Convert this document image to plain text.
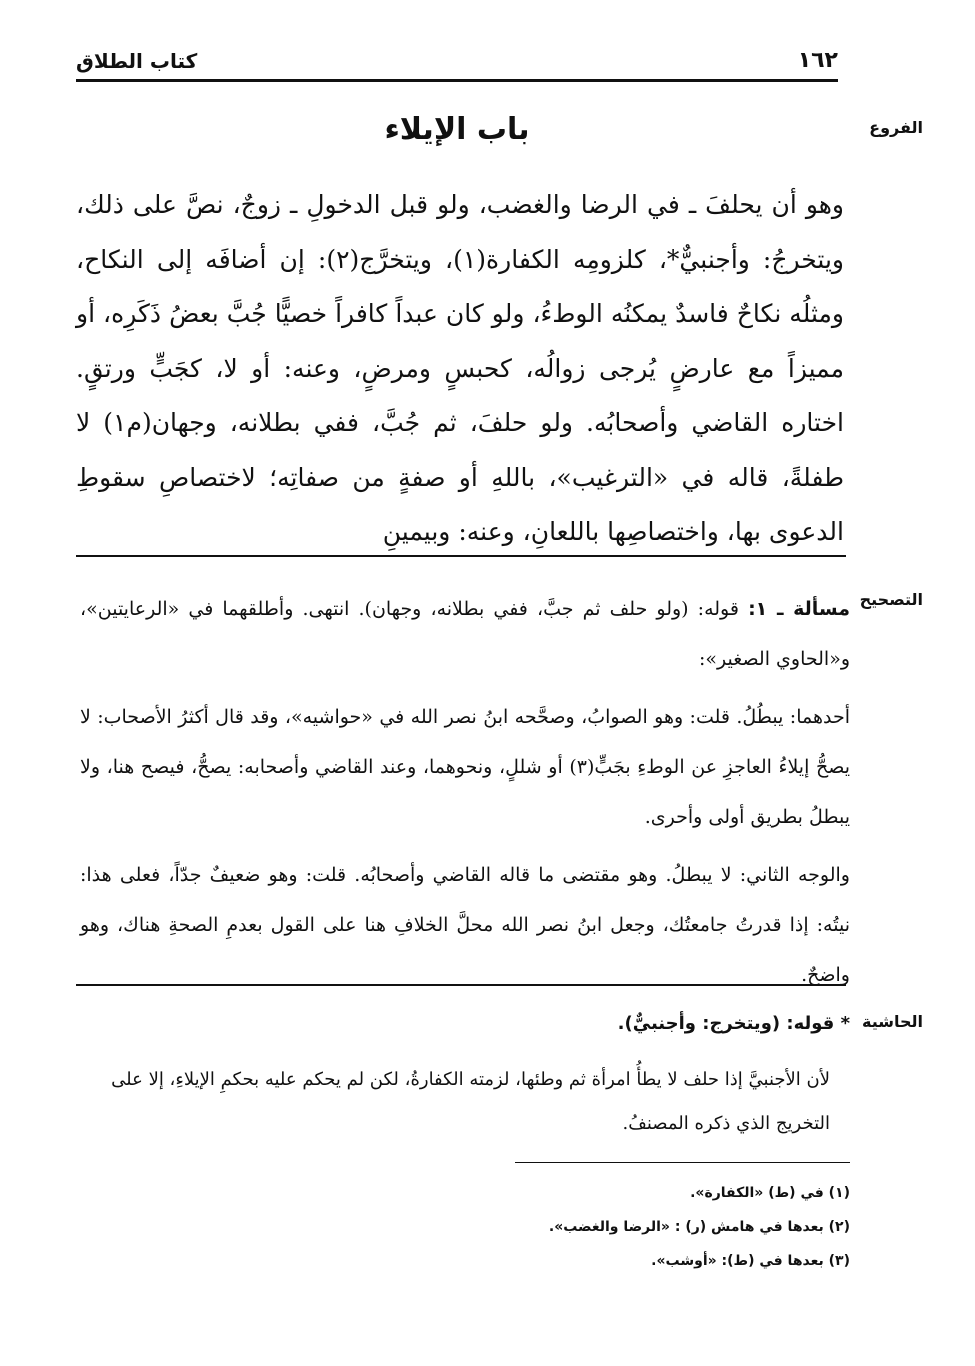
١٦٢
كتاب الطلاق
الفروع
باب الإيلاء

وهو أن يحلفَ ـ في الرضا والغضب، ولو قبل الدخولِ ـ زوجٌ، نصَّ على ذلك، ويتخرجُ: وأجنبيٌّ*، كلزومِه الكفارة(١)، ويتخرَّج(٢): إن أضافَه إلى النكاح، ومثلُه نكاحٌ فاسدٌ يمكنُه الوطءُ، ولو كان عبداً كافراً خصيًّا جُبَّ بعضُ ذَكَرِه، أو مميزاً مع عارضٍ يُرجى زوالُه، كحبسٍ ومرضٍ، وعنه: أو لا، كجَبٍّ ورتقٍ. اختاره القاضي وأصحابُه. ولو حلفَ، ثم جُبَّ، ففي بطلانه، وجهان(م١) لا طفلةً، قاله في «الترغيب»، باللهِ أو صفةٍ من صفاتِه؛ لاختصاصِ سقوطِ الدعوى بها، واختصاصِها باللعانِ، وعنه: وبيمينِ

التصحيح

مسألة ـ ١: قوله: (ولو حلف ثم جبَّ، ففي بطلانه، وجهان). انتهى. وأطلقهما في «الرعايتين»، و«الحاوي الصغير»:

أحدهما: يبطُلُ. قلت: وهو الصوابُ، وصحَّحه ابنُ نصر الله في «حواشيه»، وقد قال أكثرُ الأصحاب: لا يصحُّ إيلاءُ العاجزِ عن الوطءِ بجَبٍّ(٣) أو شللٍ، ونحوهما، وعند القاضي وأصحابه: يصحُّ، فيصح هنا، ولا يبطلُ بطريق أولى وأحرى.

والوجه الثاني: لا يبطلُ. وهو مقتضى ما قاله القاضي وأصحابُه. قلت: وهو ضعيفٌ جدّاً، فعلى هذا: نيتُه: إذا قدرتُ جامعتُك، وجعل ابنُ نصر الله محلَّ الخلافِ هنا على القول بعدمِ الصحةِ هناك، وهو واضحٌ.

الحاشية
* قوله: (ويتخرج: وأجنبيٌّ).
لأن الأجنبيَّ إذا حلف لا يطأُ امرأة ثم وطئها، لزمته الكفارةُ، لكن لم يحكم عليه بحكمِ الإيلاءِ، إلا على التخريج الذي ذكره المصنفُ.
(١) في (ط) «الكفارة».
(٢) بعدها في هامش (ر) : «الرضا والغضب».
(٣) بعدها في (ط): «أوشب».
